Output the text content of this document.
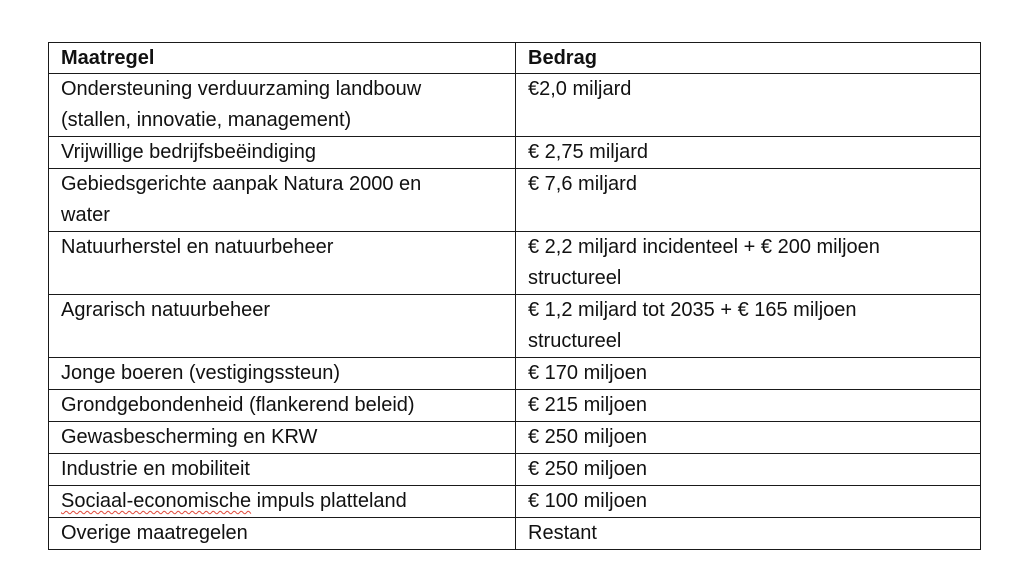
Maatregel	Bedrag

Ondersteuning verduurzaming landbouw
(stallen, innovatie, management)	€2,0 miljard

Vrijwillige bedrijfsbeëindiging	€ 2,75 miljard

Gebiedsgerichte aanpak Natura 2000 en
water	€ 7,6 miljard

Natuurherstel en natuurbeheer	€ 2,2 miljard incidenteel + € 200 miljoen
structureel

Agrarisch natuurbeheer	€ 1,2 miljard tot 2035 + € 165 miljoen
structureel

Jonge boeren (vestigingssteun)	€ 170 miljoen
Grondgebondenheid (flankerend beleid)	€ 215 miljoen
Gewasbescherming en KRW	€ 250 miljoen
Industrie en mobiliteit	€ 250 miljoen
Sociaal-economische impuls platteland	€ 100 miljoen
Overige maatregelen	Restant
